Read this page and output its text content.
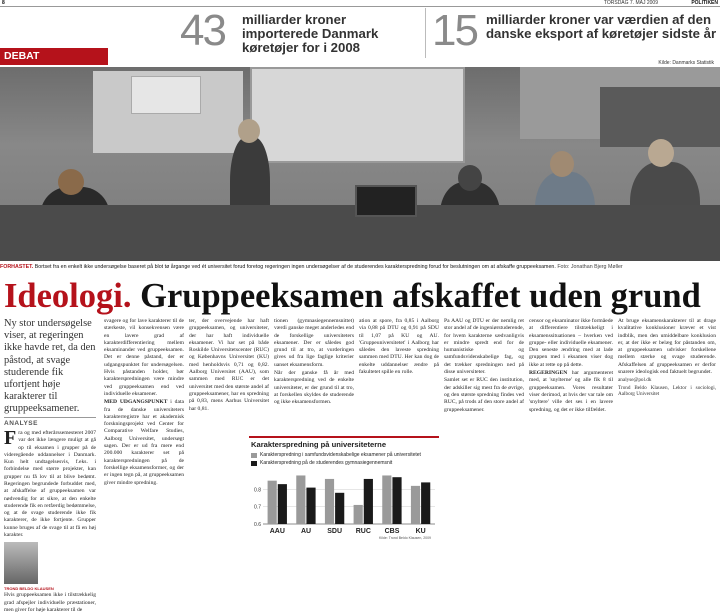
8	TORSDAG 7. MAJ 2009	POLITIKEN
43 milliarder kroner importerede Danmark køretøjer for i 2008	15 milliarder kroner var værdien af den danske eksport af køretøjer sidste år
Kilde: Danmarks Statistik
DEBAT
FORHASTET. Bortset fra en enkelt ikke undersøgelse baseret på blot tø årgange ved ét universitet forud foretog regeringen ingen undersøgelser af de studerendes karakterspredning forud for beslutningen om at afskaffe gruppeeksamen. Foto: Jonathan Bjerg Møller
Ideologi. Gruppeeksamen afskaffet uden grund

Ny stor undersøgelse viser, at regeringen ikke havde ret, da den påstod, at svage studerende fik ufortjent høje karakterer til gruppeeksamener.

ANALYSE

Fra og med efterårssemesteret 2007 var det ikke længere muligt at gå op til eksamen i grupper på de videregående uddannelser i Danmark. Kun helt undtagelsesvis, f.eks. i forbindelse med større projekter, kan grupper nu få lov til at blive bedømt. Regeringen begrundede forbuddet med, at afskaffelse af gruppeeksamen var nødvendig for at sikre, at den enkelte studerende fik en retfærdig bedømmelse, og at de svage studerende ikke fik karakterer, de ikke fortjente. Grupper kunne bruges af de svage til at få en høj karakter.

TROND BELDO KLAUSEN

Hvis gruppeeksamen ikke i tilstrækkelig grad afspejler individuelle præstationer, men giver for høje karakterer til de

svagere og for lave karakterer til de stærkeste, vil konsekvensen være en lavere grad af karakterdifferentiering mellem eksaminander ved gruppeeksamen. Det er denne påstand, der er udgangspunktet for undersøgelsen. Hvis påstanden holder, bør karakterspredningen være mindre ved gruppeeksamen end ved individuelle eksamener.

MED UDGANGSPUNKT i data fra de danske universiteters karakterregistre har et akademisk forskningsprojekt ved Center for Comparative Welfare Studies, Aalborg Universitet, undersøgt sagen. Der er ud fra mere end 200.000 karakterer set på karakterspredningen på de forskellige eksamensformer, og der er ingen tegn på, at gruppeeksamen giver mindre spredning.

ter, der overvejende har haft gruppeeksamen, og universiteter, der har haft individuelle eksamener. Vi har set på både Roskilde Universitetscenter (RUC) og Københavns Universitet (KU) med henholdsvis 0,71 og 0,82. Aalborg Universitet (AAU), som sammen med RUC er det universitet med den største andel af gruppeeksamener, har en spredning på 0,83, mens Aarhus Universitet har 0,81.

tionen (gymnasiegennemsnittet) værdi ganske meget anderledes end de forskellige universiteters eksamener. Der er således god grund til at tro, at vurderingen gives ud fra lige faglige kriterier uanset eksamensform.

Når der ganske få år med karakterspredning ved de enkelte universiteter, er der grund til at tro, at forskellen skyldes de studerende og ikke eksamensformen.

ation at spore, fra 0,85 i Aalborg via 0,88 på DTU og 0,91 på SDU til 1,07 på KU og AU. 'Gruppeuniversitetet' i Aalborg har således den laveste spredning sammen med DTU. Her kan dog de enkelte uddannelser ændre på fakultetet spille en rolle.

Pa AAU og DTU er der nemlig ret stor andel af de ingeniørstuderende, for hvem karakterne sædvanligvis er mindre spredt end for de humanistiske og samfundsvidenskabelige fag, og det trækker spredningen ned på disse universiteter.

Samlet set er RUC den institution, der adskiller sig mest fra de øvrige, og den største spredning findes ved RUC, på trods af den store andel af gruppeeksamener.

censor og eksaminator ikke formåede at differentiere tilstrækkeligt i eksamenssituationen – hverken ved gruppe- eller individuelle eksamener. Den seneste ændring med at lade gruppen med i eksamen viser dog ikke at rette op på dette.

REGERINGEN har argumenteret med, at 'snylterne' og alle fik 8 til gruppeeksamen. Vores resultater viser derimod, at hvis der var tale om 'snyltere' ville det ses i en lavere spredning, og det er ikke tilfældet.

At bruge eksamenskarakterer til at drage kvalitative konklusioner kræver et vist indblik, men den umiddelbare konklusion er, at der ikke er belæg for påstanden om, at gruppeeksamen udvisker forskellene mellem stærke og svage studerende. Afskaffelsen af gruppeeksamen er derfor snarere ideologisk end faktuelt begrundet.

analyse@pol.dk

Trond Beldo Klausen, Lektor i sociologi, Aalborg Universitet

Karakterspredning på universiteterne
Karakterspredning i samfundsvidenskabelige eksamener på universitetet
Karakterspredning på de studerendes gymnasiegennemsnit
0.6
0.7
0.8
AAU AU SDU RUC CBS KU
Kilde: Trond Beldo Klausen, 2009
